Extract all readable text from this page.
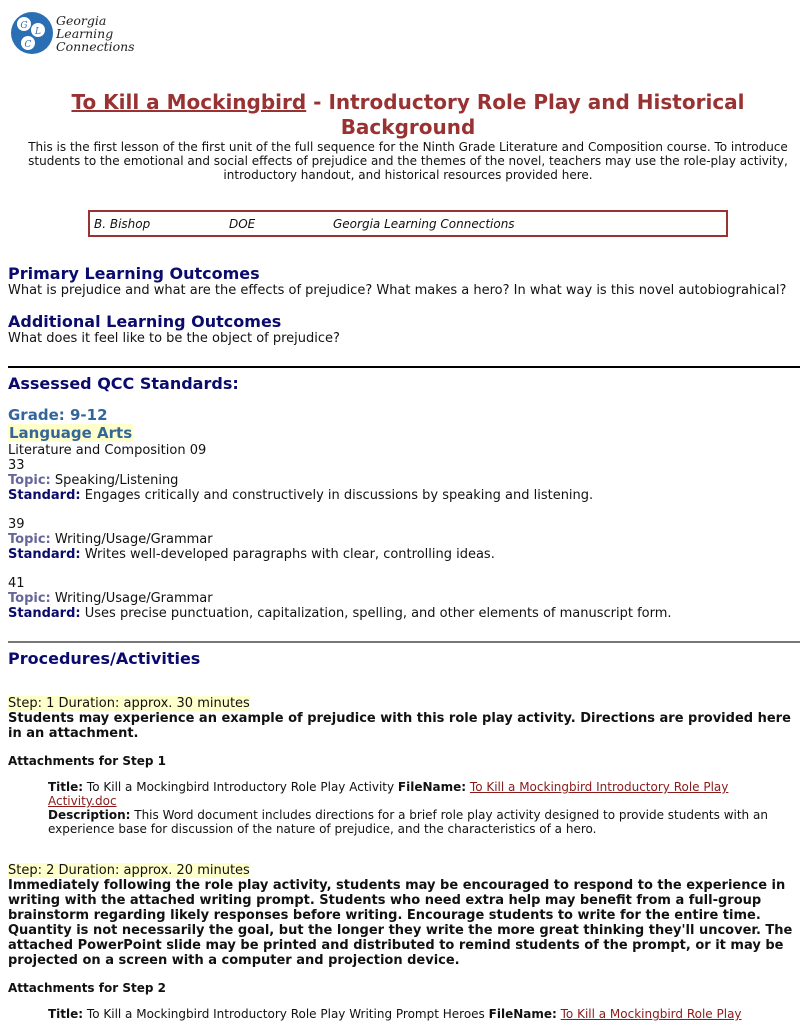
G
L
C
Georgia
Learning
Connections
To Kill a Mockingbird - Introductory Role Play and Historical Background
This is the first lesson of the first unit of the full sequence for the Ninth Grade Literature and Composition course. To introduce students to the emotional and social effects of prejudice and the themes of the novel, teachers may use the role-play activity, introductory handout, and historical resources provided here.
B. Bishop	DOE	Georgia Learning Connections
Primary Learning Outcomes
What is prejudice and what are the effects of prejudice? What makes a hero? In what way is this novel autobiograhical?
Additional Learning Outcomes
What does it feel like to be the object of prejudice?
Assessed QCC Standards:
Grade: 9-12
Language Arts
Literature and Composition 09
33
Topic: Speaking/Listening
Standard: Engages critically and constructively in discussions by speaking and listening.
39
Topic: Writing/Usage/Grammar
Standard: Writes well-developed paragraphs with clear, controlling ideas.
41
Topic: Writing/Usage/Grammar
Standard: Uses precise punctuation, capitalization, spelling, and other elements of manuscript form.
Procedures/Activities
Step: 1 Duration: approx. 30 minutes
Students may experience an example of prejudice with this role play activity. Directions are provided here in an attachment.
Attachments for Step 1
Title: To Kill a Mockingbird Introductory Role Play Activity FileName: To Kill a Mockingbird Introductory Role Play Activity.doc
Description: This Word document includes directions for a brief role play activity designed to provide students with an experience base for discussion of the nature of prejudice, and the characteristics of a hero.
Step: 2 Duration: approx. 20 minutes
Immediately following the role play activity, students may be encouraged to respond to the experience in writing with the attached writing prompt. Students who need extra help may benefit from a full-group brainstorm regarding likely responses before writing. Encourage students to write for the entire time. Quantity is not necessarily the goal, but the longer they write the more great thinking they'll uncover. The attached PowerPoint slide may be printed and distributed to remind students of the prompt, or it may be projected on a screen with a computer and projection device.
Attachments for Step 2
Title: To Kill a Mockingbird Introductory Role Play Writing Prompt Heroes FileName: To Kill a Mockingbird Role Play
